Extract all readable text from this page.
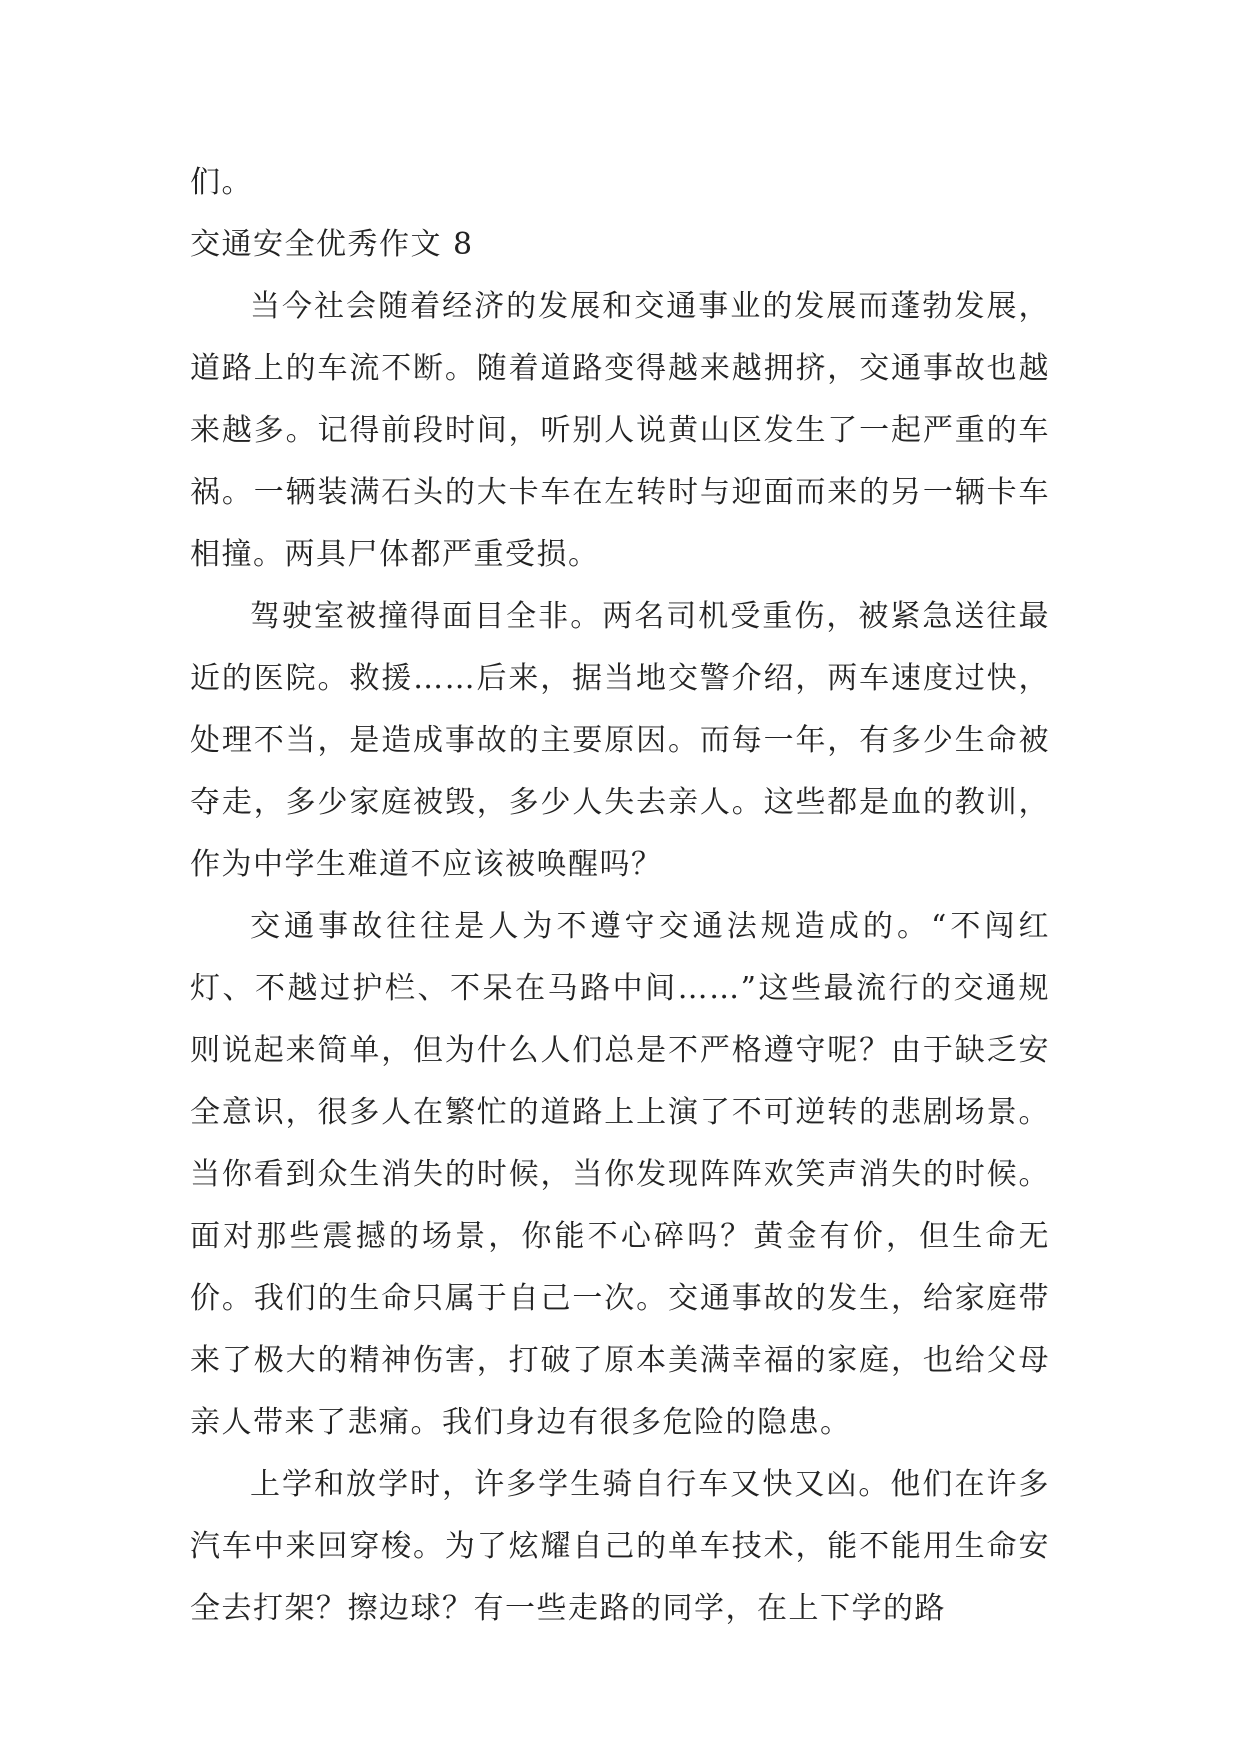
们。

交通安全优秀作文 8

当今社会随着经济的发展和交通事业的发展而蓬勃发展，道路上的车流不断。随着道路变得越来越拥挤，交通事故也越来越多。记得前段时间，听别人说黄山区发生了一起严重的车祸。一辆装满石头的大卡车在左转时与迎面而来的另一辆卡车相撞。两具尸体都严重受损。

驾驶室被撞得面目全非。两名司机受重伤，被紧急送往最近的医院。救援……后来，据当地交警介绍，两车速度过快，处理不当，是造成事故的主要原因。而每一年，有多少生命被夺走，多少家庭被毁，多少人失去亲人。这些都是血的教训，作为中学生难道不应该被唤醒吗？

交通事故往往是人为不遵守交通法规造成的。“不闯红灯、不越过护栏、不呆在马路中间……”这些最流行的交通规则说起来简单，但为什么人们总是不严格遵守呢？由于缺乏安全意识，很多人在繁忙的道路上上演了不可逆转的悲剧场景。当你看到众生消失的时候，当你发现阵阵欢笑声消失的时候。面对那些震撼的场景，你能不心碎吗？黄金有价，但生命无价。我们的生命只属于自己一次。交通事故的发生，给家庭带来了极大的精神伤害，打破了原本美满幸福的家庭，也给父母亲人带来了悲痛。我们身边有很多危险的隐患。

上学和放学时，许多学生骑自行车又快又凶。他们在许多汽车中来回穿梭。为了炫耀自己的单车技术，能不能用生命安全去打架？擦边球？有一些走路的同学，在上下学的路
